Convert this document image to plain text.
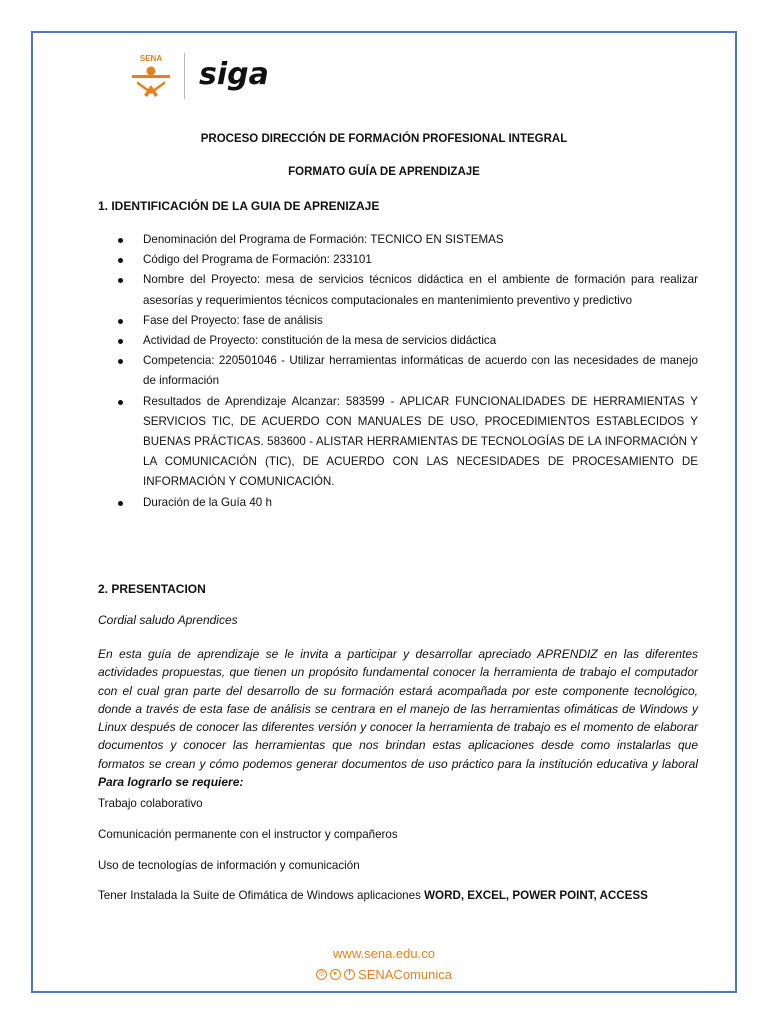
SENA siga
PROCESO DIRECCIÓN DE FORMACIÓN PROFESIONAL INTEGRAL
FORMATO GUÍA DE APRENDIZAJE
1. IDENTIFICACIÓN DE LA GUIA DE APRENIZAJE
Denominación del Programa de Formación: TECNICO EN SISTEMAS
Código del Programa de Formación: 233101
Nombre del Proyecto: mesa de servicios técnicos didáctica en el ambiente de formación para realizar asesorías y requerimientos técnicos computacionales en mantenimiento preventivo y predictivo
Fase del Proyecto: fase de análisis
Actividad de Proyecto: constitución de la mesa de servicios didáctica
Competencia: 220501046 - Utilizar herramientas informáticas de acuerdo con las necesidades de manejo de información
Resultados de Aprendizaje Alcanzar: 583599 - APLICAR FUNCIONALIDADES DE HERRAMIENTAS Y SERVICIOS TIC, DE ACUERDO CON MANUALES DE USO, PROCEDIMIENTOS ESTABLECIDOS Y BUENAS PRÁCTICAS. 583600 - ALISTAR HERRAMIENTAS DE TECNOLOGÍAS DE LA INFORMACIÓN Y LA COMUNICACIÓN (TIC), DE ACUERDO CON LAS NECESIDADES DE PROCESAMIENTO DE INFORMACIÓN Y COMUNICACIÓN.
Duración de la Guía 40 h
2. PRESENTACION
Cordial saludo Aprendices
En esta guía de aprendizaje se le invita a participar y desarrollar apreciado APRENDIZ en las diferentes actividades propuestas, que tienen un propósito fundamental conocer la herramienta de trabajo el computador con el cual gran parte del desarrollo de su formación estará acompañada por este componente tecnológico, donde a través de esta fase de análisis se centrara en el manejo de las herramientas ofimáticas de Windows y Linux después de conocer las diferentes versión y conocer la herramienta de trabajo es el momento de elaborar documentos y conocer las herramientas que nos brindan estas aplicaciones desde como instalarlas que formatos se crean y cómo podemos generar documentos de uso práctico para la institución educativa y laboral Para lograrlo se requiere:
Trabajo colaborativo
Comunicación permanente con el instructor y compañeros
Uso de tecnologías de información y comunicación
Tener Instalada la Suite de Ofimática de Windows aplicaciones WORD, EXCEL, POWER POINT, ACCESS
www.sena.edu.co
◎	▸	f SENAComunica
